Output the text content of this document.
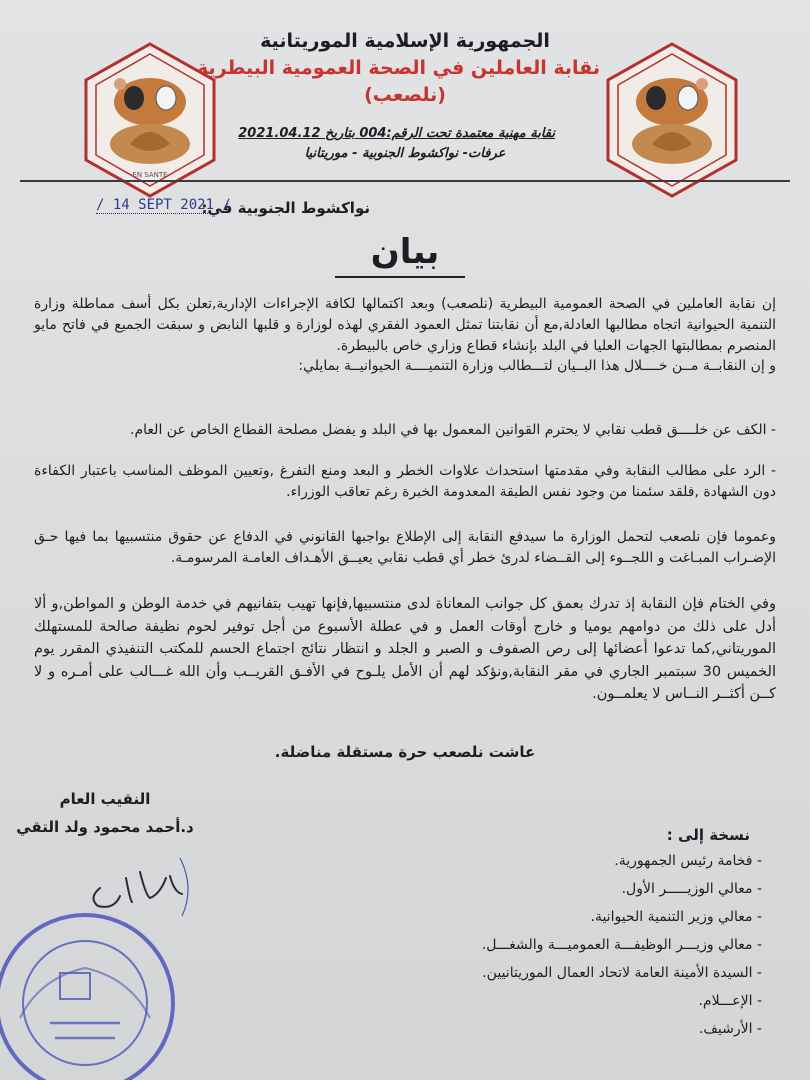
EN SANTE
الجمهورية الإسلامية الموريتانية
نقابة العاملين في الصحة العمومية البيطرية
(نلصعب)
نقابة مهنية معتمدة تحت الرقم:004 بتاريخ 2021.04.12
عرفات- نواكشوط الجنوبية - موريتانيا
نواكشوط الجنوبية في:
/ 14 SEPT 2021 /
بيان
إن نقابة العاملين في الصحة العمومية البيطرية (نلصعب) وبعد اكتمالها لكافة الإجراءات الإدارية,تعلن بكل أسف مماطلة وزارة التنمية الحيوانية اتجاه مطالبها العادلة,مع أن نقابتنا تمثل العمود الفقري لهذه لوزارة و قلبها النابض و سبقت الجميع في فاتح مايو المنصرم بمطالبتها الجهات العليا في البلد بإنشاء قطاع وزاري خاص بالبيطرة.
و إن النقابــة مــن خــــلال هذا البــيان لتـــطالب وزارة التنميــــة الحيوانيــة بمايلي:
- الكف عن خلــــق قطب نقابي لا يحترم القوانين المعمول بها في البلد و يفضل مصلحة القطاع الخاص عن العام.
- الرد على مطالب النقابة وفي مقدمتها استحداث علاوات الخطر و البعد ومنع التفرغ ,وتعيين الموظف المناسب باعتبار الكفاءة دون الشهادة ,فلقد سئمنا من وجود نفس الطبقة المعدومة الخبرة رغم تعاقب الوزراء.
وعموما فإن نلصعب لتحمل الوزارة ما سيدفع النقابة إلى الإطلاع بواجبها القانوني في الدفاع عن حقوق منتسبيها بما فيها حـق الإضـراب المبـاغت و اللجــوء إلى القــضاء لدرئ خطر أي قطب نقابي يعيــق الأهـداف العامـة المرسومـة.
وفي الختام فإن النقابة إذ تدرك بعمق كل جوانب المعاناة لدى منتسبيها,فإنها تهيب بتفانيهم في خدمة الوطن و المواطن,و ألا أدل على ذلك من دوامهم يوميا و خارج أوقات العمل و في عطلة الأسبوع من أجل توفير لحوم نظيفة صالحة للمستهلك الموريتاني,كما تدعوا أعضائها إلى رص الصفوف و الصبر و الجلد و انتظار نتائج اجتماع الحسم للمكتب التنفيذي المقرر يوم الخميس 30 سبتمبر الجاري في مقر النقابة,ونؤكد لهم أن الأمل يلـوح في الأفـق القريــب وأن الله غـــالب على أمـره و لا كــن أكثــر النــاس لا يعلمــون.
عاشت نلصعب حرة مستقلة مناضلة.
النقيب العام
د.أحمد محمود ولد التقي	نسخة إلى :
- فخامة رئيس الجمهورية.
- معالي الوزيـــــر الأول.
- معالي وزير التنمية الحيوانية.
- معالي وزيـــر الوظيفـــة العموميـــة والشغـــل.
- السيدة الأمينة العامة لاتحاد العمال الموريتانيين.
- الإعـــلام.
- الأرشيف.
